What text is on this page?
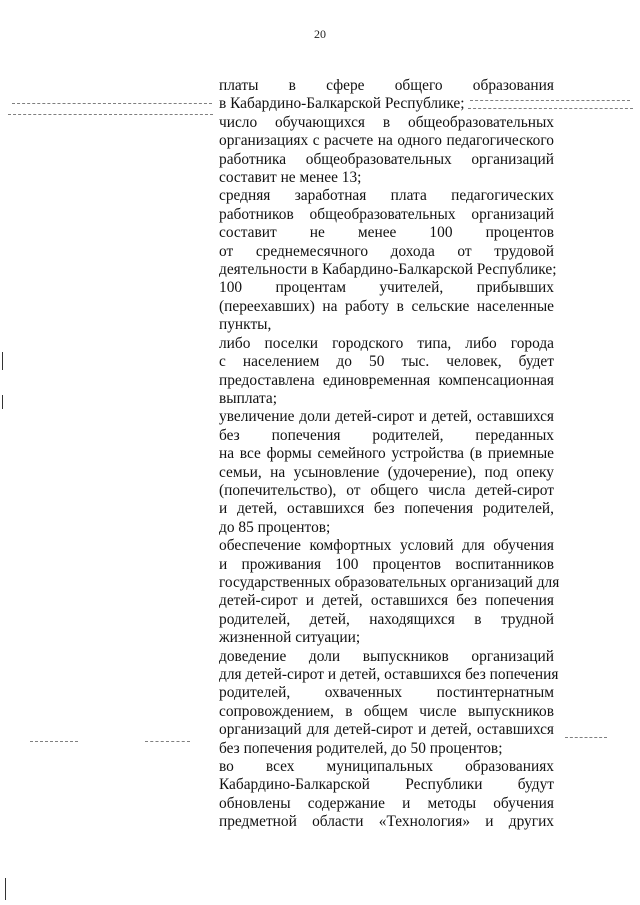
20
платы в сфере общего образования
в Кабардино-Балкарской Республике;
число обучающихся в общеобразовательных
организациях с расчете на одного педагогического
работника общеобразовательных организаций
составит не менее 13;
средняя заработная плата педагогических
работников общеобразовательных организаций
составит не менее 100 процентов
от среднемесячного дохода от трудовой
деятельности в Кабардино-Балкарской Республике;
100 процентам учителей, прибывших
(переехавших) на работу в сельские населенные
пункты,
либо поселки городского типа, либо города
с населением до 50 тыс. человек, будет
предоставлена единовременная компенсационная
выплата;
увеличение доли детей-сирот и детей, оставшихся
без попечения родителей, переданных
на все формы семейного устройства (в приемные
семьи, на усыновление (удочерение), под опеку
(попечительство), от общего числа детей-сирот
и детей, оставшихся без попечения родителей,
до 85 процентов;
обеспечение комфортных условий для обучения
и проживания 100 процентов воспитанников
государственных образовательных организаций для
детей-сирот и детей, оставшихся без попечения
родителей, детей, находящихся в трудной
жизненной ситуации;
доведение доли выпускников организаций
для детей-сирот и детей, оставшихся без попечения
родителей, охваченных постинтернатным
сопровождением, в общем числе выпускников
организаций для детей-сирот и детей, оставшихся
без попечения родителей, до 50 процентов;
во всех муниципальных образованиях
Кабардино-Балкарской Республики будут
обновлены содержание и методы обучения
предметной области «Технология» и других
